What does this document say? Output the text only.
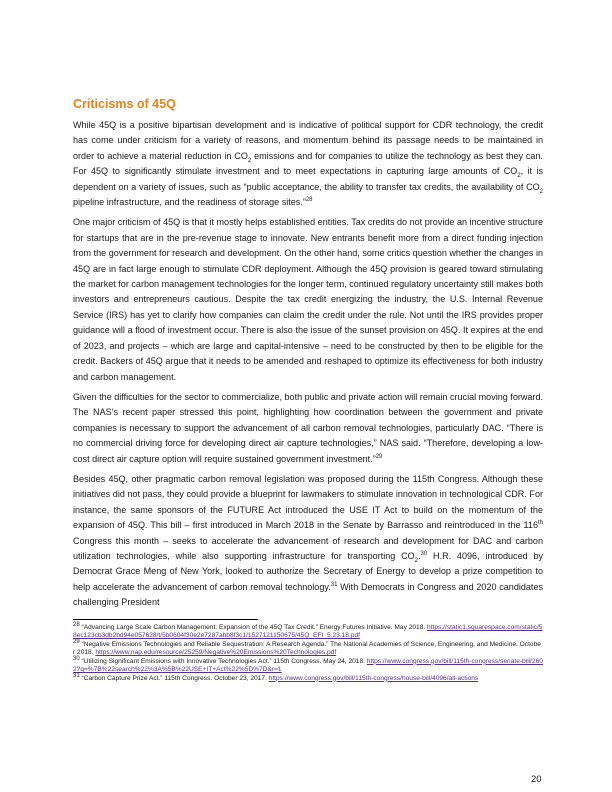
Criticisms of 45Q

While 45Q is a positive bipartisan development and is indicative of political support for CDR technology, the credit has come under criticism for a variety of reasons, and momentum behind its passage needs to be maintained in order to achieve a material reduction in $CO_2$ emissions and for companies to utilize the technology as best they can. For 45Q to significantly stimulate investment and to meet expectations in capturing large amounts of $CO_2$, it is dependent on a variety of issues, such as “public acceptance, the ability to transfer tax credits, the availability of $CO_2$ pipeline infrastructure, and the readiness of storage sites.”$^{28}$

One major criticism of 45Q is that it mostly helps established entities. Tax credits do not provide an incentive structure for startups that are in the pre-revenue stage to innovate. New entrants benefit more from a direct funding injection from the government for research and development. On the other hand, some critics question whether the changes in 45Q are in fact large enough to stimulate CDR deployment. Although the 45Q provision is geared toward stimulating the market for carbon management technologies for the longer term, continued regulatory uncertainty still makes both investors and entrepreneurs cautious. Despite the tax credit energizing the industry, the U.S. Internal Revenue Service (IRS) has yet to clarify how companies can claim the credit under the rule. Not until the IRS provides proper guidance will a flood of investment occur. There is also the issue of the sunset provision on 45Q. It expires at the end of 2023, and projects – which are large and capital-intensive – need to be constructed by then to be eligible for the credit. Backers of 45Q argue that it needs to be amended and reshaped to optimize its effectiveness for both industry and carbon management.

Given the difficulties for the sector to commercialize, both public and private action will remain crucial moving forward. The NAS’s recent paper stressed this point, highlighting how coordination between the government and private companies is necessary to support the advancement of all carbon removal technologies, particularly DAC. “There is no commercial driving force for developing direct air capture technologies,” NAS said. “Therefore, developing a low-cost direct air capture option will require sustained government investment.”$^{29}$

Besides 45Q, other pragmatic carbon removal legislation was proposed during the 115th Congress. Although these initiatives did not pass, they could provide a blueprint for lawmakers to stimulate innovation in technological CDR. For instance, the same sponsors of the FUTURE Act introduced the USE IT Act to build on the momentum of the expansion of 45Q. This bill – first introduced in March 2018 in the Senate by Barrasso and reintroduced in the 116th Congress this month – seeks to accelerate the advancement of research and development for DAC and carbon utilization technologies, while also supporting infrastructure for transporting $CO_2.^{30}$ H.R. 4096, introduced by Democrat Grace Meng of New York, looked to authorize the Secretary of Energy to develop a prize competition to help accelerate the advancement of carbon removal technology.$^{31}$ With Democrats in Congress and 2020 candidates challenging President

$^{28}$ “Advancing Large Scale Carbon Management: Expansion of the 45Q Tax Credit.” Energy Futures Initiative. May 2018. https://static1.squarespace.com/static/58ec123cb3db2bd94e057628/t/5b0604f30e2e7287abb8f3c1/1527121150675/45Q_EFI_5.23.18.pdf

$^{29}$ “Negative Emissions Technologies and Reliable Sequestration: A Research Agenda.” The National Academies of Science, Engineering, and Medicine. October 2018. https://www.nap.edu/resource/25259/Negative%20Emissions%20Technologies.pdf

$^{30}$ “Utilizing Significant Emissions with Innovative Technologies Act.” 115th Congress. May 24, 2018. https://www.congress.gov/bill/115th-congress/senate-bill/2602?q=%7B%22search%22%3A%5B%22USE+IT+Act%22%5D%7D&r=1

$^{31}$ “Carbon Capture Prize Act.” 115th Congress. October 23, 2017. https://www.congress.gov/bill/115th-congress/house-bill/4096/all-actions

20
